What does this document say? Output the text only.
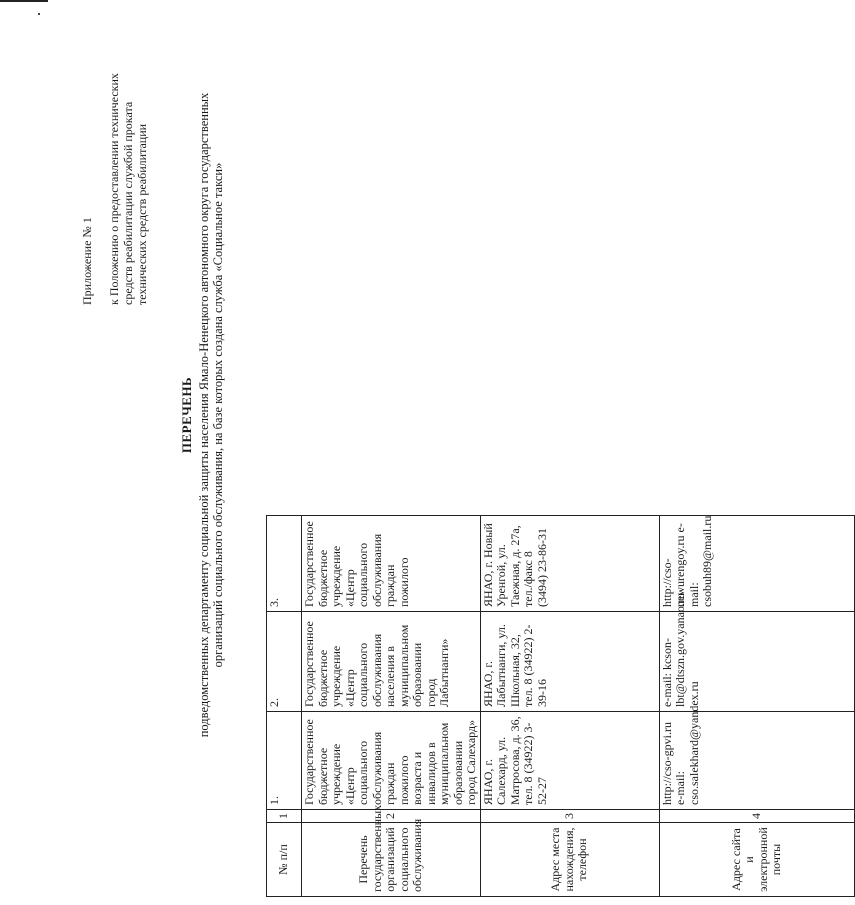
Приложение № 1 к Положению о предоставлении технических средств реабилитации службой проката технических средств реабилитации
ПЕРЕЧЕНЬ подведомственных департаменту социальной защиты населения Ямало-Ненецкого автономного округа государственных организаций социального обслуживания, на базе которых создана служба «Социальное такси»
№ п/п	1	1.	2.	3.
Перечень государственных организаций социального обслуживания	2	Государственное бюджетное учреждение «Центр социального обслуживания граждан пожилого возраста и инвалидов в муниципальном образовании город Салехард»	Государственное бюджетное учреждение «Центр социального обслуживания населения в муниципальном образовании город Лабытнанги»	Государственное бюджетное учреждение «Центр социального обслуживания граждан пожилого
Адрес места нахождения, телефон	3	ЯНАО, г. Салехард, ул. Матросова, д. 36, тел. 8 (34922) 3-52-27	ЯНАО, г. Лабытнанги, ул. Школьная, 32, тел. 8 (34922) 2-39-16	ЯНАО, г. Новый Уренгой, ул. Таежная, д. 27а, тел./факс 8 (3494) 23-86-31
Адрес сайта и электронной почты	4	http://cso-gpvi.ru e-mail: cso.salekhard@yandex.ru	e-mail: kcson-lbt@dtszn.gov.yanao.ru	http://cso-newurengoy.ru e-mail: csobuh89@mail.ru
